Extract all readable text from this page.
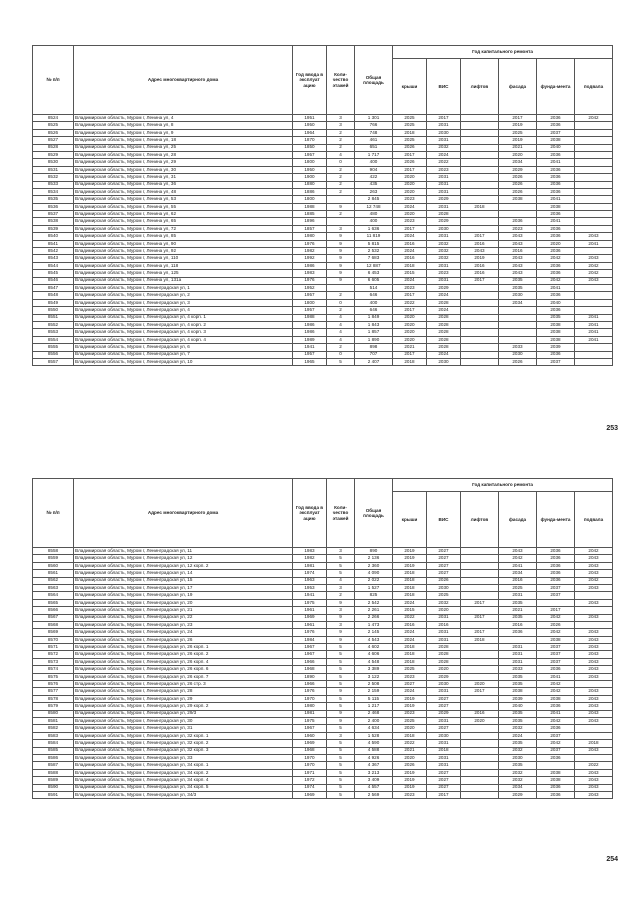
№ п/п	Адрес многоквартирного дома	Год ввода в эксплуат ацию	Коли-чество этажей	Общая площадь	Год капитального ремонта					
					крыши	ВИС	лифтов	фасада	фунда-мента	подвала
8524	Владимирская область, Муром г, Ленина ул, 4	1951	3	1 301	2025	2017		2017	2036	2042
8525	Владимирская область, Муром г, Ленина ул, 8	1950	3	766	2025	2031		2019	2036	
8526	Владимирская область, Муром г, Ленина ул, 9	1964	2	748	2018	2030		2025	2037	
8527	Владимирская область, Муром г, Ленина ул, 18	1870	2	461	2025	2031		2019	2038	
8528	Владимирская область, Муром г, Ленина ул, 25	1850	2	651	2026	2032		2021	2040	
8529	Владимирская область, Муром г, Ленина ул, 28	1957	4	1 717	2017	2024		2020	2036	
8530	Владимирская область, Муром г, Ленина ул, 29	1800	0	400	2026	2022		2034	2041	
8531	Владимирская область, Муром г, Ленина ул, 30	1950	2	904	2017	2023		2029	2036	
8532	Владимирская область, Муром г, Ленина ул, 31	1900	2	422	2020	2031		2026	2036	
8533	Владимирская область, Муром г, Ленина ул, 36	1880	2	435	2020	2031		2026	2036	
8534	Владимирская область, Муром г, Ленина ул, 48	1886	2	263	2020	2031		2026	2036	
8535	Владимирская область, Муром г, Ленина ул, 53	1800		2 845	2023	2029		2038	2041	
8536	Владимирская область, Муром г, Ленина ул, 55	1988	9	12 748	2024	2031	2018		2038	
8537	Владимирская область, Муром г, Ленина ул, 62	1885	2	480	2020	2028			2036	
8538	Владимирская область, Муром г, Ленина ул, 65	1896		400	2023	2029		2036	2041	
8539	Владимирская область, Муром г, Ленина ул, 72	1857	3	1 636	2017	2030		2023	2036	
8540	Владимирская область, Муром г, Ленина ул, 85	1980	9	11 819	2024	2031	2017	2043	2036	2043
8541	Владимирская область, Муром г, Ленина ул, 90	1976	9	5 815	2016	2032	2016	2043	2020	2041
8542	Владимирская область, Муром г, Ленина ул, 92	1982	9	2 532	2024	2032	2043	2016	2036	
8543	Владимирская область, Муром г, Ленина ул, 110	1992	9	7 683	2016	2032	2019	2043	2042	2043
8544	Владимирская область, Муром г, Ленина ул, 118	1986	9	12 887	2018	2031	2016	2043	2036	2042
8545	Владимирская область, Муром г, Ленина ул, 125	1983	9	6 453	2015	2023	2016	2043	2036	2042
8546	Владимирская область, Муром г, Ленина ул, 131а	1976	9	6 605	2024	2031	2017	2035	2042	2043
8547	Владимирская область, Муром г, Ленинградская ул, 1	1952		514	2023	2029		2035	2041	
8548	Владимирская область, Муром г, Ленинградская ул, 2	1957	2	646	2017	2024		2030	2036	
8549	Владимирская область, Муром г, Ленинградская ул, 3	1800	0	400	2022	2028		2034	2040	
8550	Владимирская область, Муром г, Ленинградская ул, 4	1957	2	646	2017	2024			2036	
8551	Владимирская область, Муром г, Ленинградская ул, 4 корп. 1	1988	4	1 849	2020	2028			2035	2041
8552	Владимирская область, Муром г, Ленинградская ул, 4 корп. 2	1986	4	1 843	2020	2028			2038	2041
8553	Владимирская область, Муром г, Ленинградская ул, 4 корп. 3	1986	4	1 857	2020	2028			2038	2041
8554	Владимирская область, Муром г, Ленинградская ул, 4 корп. 4	1989	4	1 890	2020	2028			2038	2041
8555	Владимирская область, Муром г, Ленинградская ул, 6	1941	2	898	2021	2028		2033	2039	
8556	Владимирская область, Муром г, Ленинградская ул, 7	1957	0	707	2017	2024		2030	2036	
8557	Владимирская область, Муром г, Ленинградская ул, 10	1965	5	2 407	2018	2030		2026	2037	
253
№ п/п	Адрес многоквартирного дома	Год ввода в эксплуат ацию	Коли-чество этажей	Общая площадь	Год капитального ремонта					
					крыши	ВИС	лифтов	фасада	фунда-мента	подвала
8558	Владимирская область, Муром г, Ленинградская ул, 11	1983	3	890	2019	2027		2043	2036	2042
8559	Владимирская область, Муром г, Ленинградская ул, 12	1982	5	2 136	2019	2027		2042	2036	2043
8560	Владимирская область, Муром г, Ленинградская ул, 12 корп. 2	1981	5	2 360	2019	2027		2041	2036	2043
8561	Владимирская область, Муром г, Ленинградская ул, 14	1974	5	4 090	2018	2027		2034	2036	2043
8562	Владимирская область, Муром г, Ленинградская ул, 15	1963	4	2 022	2018	2026		2016	2036	2042
8563	Владимирская область, Муром г, Ленинградская ул, 17	1953	3	1 527	2018	2030		2025	2037	2043
8564	Владимирская область, Муром г, Ленинградская ул, 19	1941	2	825	2018	2025		2031	2037	
8565	Владимирская область, Муром г, Ленинградская ул, 20	1975	9	2 542	2024	2032	2017	2035		2043
8566	Владимирская область, Муром г, Ленинградская ул, 21	1961	3	2 261	2015	2020		2021	2017	
8567	Владимирская область, Муром г, Ленинградская ул, 22	1969	9	2 266	2022	2031	2017	2035	2042	2043
8568	Владимирская область, Муром г, Ленинградская ул, 23	1961	3	1 473	2016	2016		2016	2026	
8569	Владимирская область, Муром г, Ленинградская ул, 24	1976	9	2 145	2024	2031	2017	2036	2042	2043
8570	Владимирская область, Муром г, Ленинградская ул, 26	1984	9	4 543	2024	2031	2018		2038	2043
8571	Владимирская область, Муром г, Ленинградская ул, 26 корп. 1	1967	5	4 602	2018	2028		2031	2037	2043
8572	Владимирская область, Муром г, Ленинградская ул, 26 корп. 2	1967	5	4 606	2018	2028		2031	2037	2043
8573	Владимирская область, Муром г, Ленинградская ул, 26 корп. 4	1966	5	4 548	2018	2028		2031	2037	2043
8574	Владимирская область, Муром г, Ленинградская ул, 26 корп. 6	1968	5	3 389	2025	2020		2033	2036	2043
8575	Владимирская область, Муром г, Ленинградская ул, 26 корп. 7	1890	5	3 122	2023	2029		2035	2041	2043
8576	Владимирская область, Муром г, Ленинградская ул, 26 стр. 3	1966	5	2 508	2027	2030	2020	2035	2042	
8577	Владимирская область, Муром г, Ленинградская ул, 28	1976	9	2 159	2024	2031	2017	2038	2042	2043
8578	Владимирская область, Муром г, Ленинградская ул, 29	1970	5	5 115	2019	2027		2039	2038	2043
8579	Владимирская область, Муром г, Ленинградская ул, 29 корп. 2	1980	5	1 217	2019	2027		2040	2036	2043
8580	Владимирская область, Муром г, Ленинградская ул, 29/3	1981	9	2 468	2023	2029	2016	2035	2041	2043
8581	Владимирская область, Муром г, Ленинградская ул, 30	1975	9	2 400	2025	2031	2020	2035	2042	2043
8582	Владимирская область, Муром г, Ленинградская ул, 31	1967	5	4 634	2020	2027		2032	2036	
8583	Владимирская область, Муром г, Ленинградская ул, 32 корп. 1	1960	3	1 528	2018	2030		2024	2037	
8584	Владимирская область, Муром г, Ленинградская ул, 32 корп. 2	1969	5	4 590	2022	2031		2035	2042	2018
8585	Владимирская область, Муром г, Ленинградская ул, 32 корп. 3	1968	5	4 588	2021	2018		2032	2037	2043
8586	Владимирская область, Муром г, Ленинградская ул, 33	1970	5	4 926	2020	2031		2030	2036	
8587	Владимирская область, Муром г, Ленинградская ул, 34 корп. 1	1970	5	4 367	2026	2031		2035		2022
8588	Владимирская область, Муром г, Ленинградская ул, 34 корп. 2	1971	5	3 213	2019	2027		2032	2038	2043
8589	Владимирская область, Муром г, Ленинградская ул, 34 корп. 4	1972	5	3 409	2019	2027		2032	2038	2043
8590	Владимирская область, Муром г, Ленинградская ул, 34 корп. 5	1974	5	4 557	2019	2027		2034	2036	2043
8591	Владимирская область, Муром г, Ленинградская ул, 34/3	1969	5	2 569	2023	2017		2029	2036	2043
254
